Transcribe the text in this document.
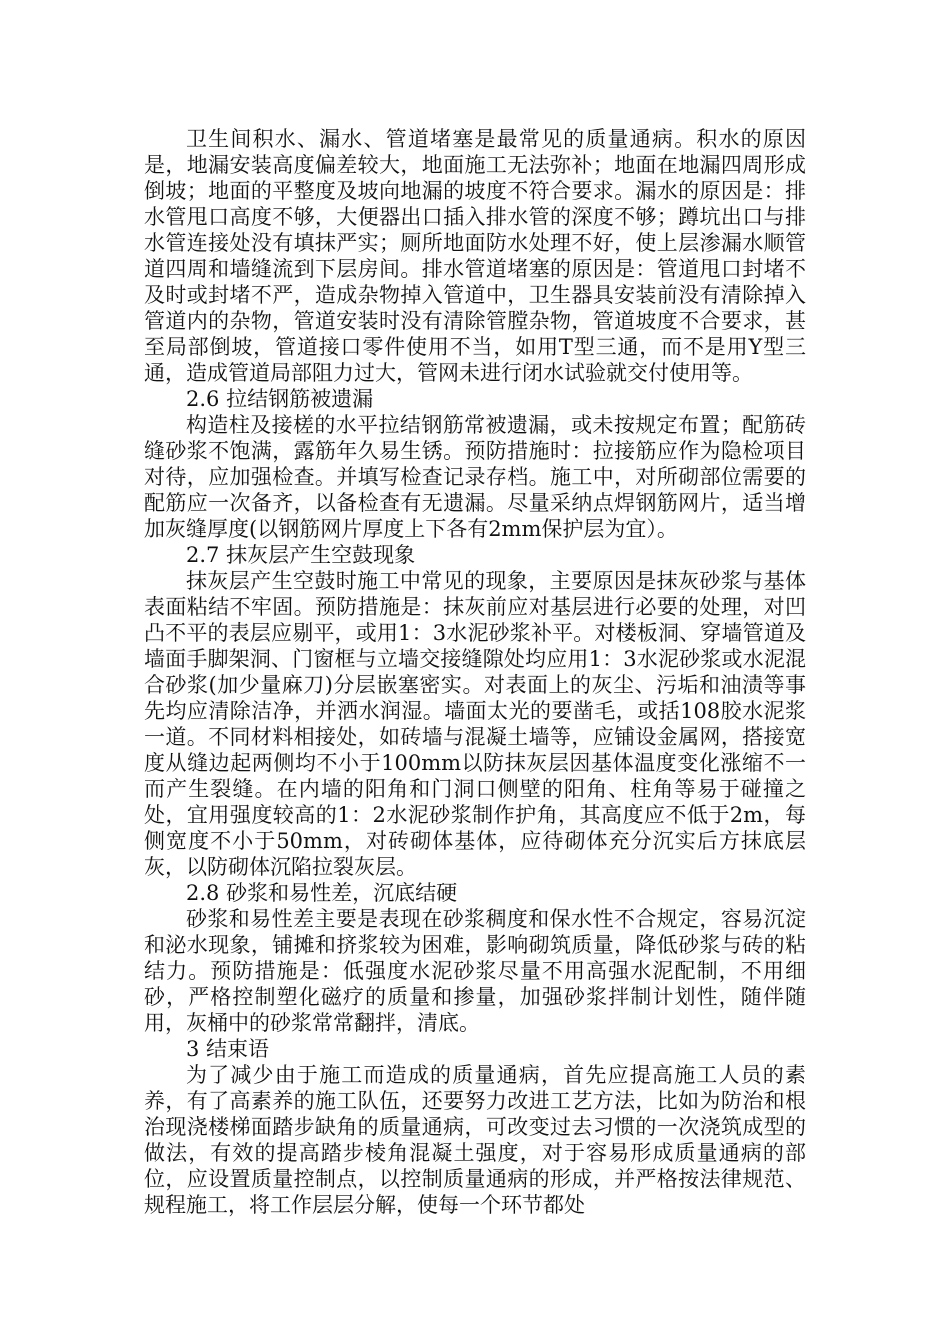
卫生间积水、漏水、管道堵塞是最常见的质量通病。积水的原因是，地漏安装高度偏差较大，地面施工无法弥补；地面在地漏四周形成倒坡；地面的平整度及坡向地漏的坡度不符合要求。漏水的原因是：排水管甩口高度不够，大便器出口插入排水管的深度不够；蹲坑出口与排水管连接处没有填抹严实；厕所地面防水处理不好，使上层渗漏水顺管道四周和墙缝流到下层房间。排水管道堵塞的原因是：管道甩口封堵不及时或封堵不严，造成杂物掉入管道中，卫生器具安装前没有清除掉入管道内的杂物，管道安装时没有清除管膛杂物，管道坡度不合要求，甚至局部倒坡，管道接口零件使用不当，如用T型三通，而不是用Y型三通，造成管道局部阻力过大，管网未进行闭水试验就交付使用等。

2.6 拉结钢筋被遗漏

构造柱及接槎的水平拉结钢筋常被遗漏，或未按规定布置；配筋砖缝砂浆不饱满，露筋年久易生锈。预防措施时：拉接筋应作为隐检项目对待，应加强检查。并填写检查记录存档。施工中，对所砌部位需要的配筋应一次备齐，以备检查有无遗漏。尽量采纳点焊钢筋网片，适当增加灰缝厚度(以钢筋网片厚度上下各有2mm保护层为宜）。

2.7 抹灰层产生空鼓现象

抹灰层产生空鼓时施工中常见的现象，主要原因是抹灰砂浆与基体表面粘结不牢固。预防措施是：抹灰前应对基层进行必要的处理，对凹凸不平的表层应剔平，或用1：3水泥砂浆补平。对楼板洞、穿墙管道及墙面手脚架洞、门窗框与立墙交接缝隙处均应用1：3水泥砂浆或水泥混合砂浆(加少量麻刀)分层嵌塞密实。对表面上的灰尘、污垢和油渍等事先均应清除洁净，并洒水润湿。墙面太光的要凿毛，或括108胶水泥浆一道。不同材料相接处，如砖墙与混凝土墙等，应铺设金属网，搭接宽度从缝边起两侧均不小于100mm以防抹灰层因基体温度变化涨缩不一而产生裂缝。在内墙的阳角和门洞口侧壁的阳角、柱角等易于碰撞之处，宜用强度较高的1：2水泥砂浆制作护角，其高度应不低于2m，每侧宽度不小于50mm，对砖砌体基体，应待砌体充分沉实后方抹底层灰，以防砌体沉陷拉裂灰层。

2.8 砂浆和易性差，沉底结硬

砂浆和易性差主要是表现在砂浆稠度和保水性不合规定，容易沉淀和泌水现象，铺摊和挤浆较为困难，影响砌筑质量，降低砂浆与砖的粘结力。预防措施是：低强度水泥砂浆尽量不用高强水泥配制，不用细砂，严格控制塑化磁疗的质量和掺量，加强砂浆拌制计划性，随伴随用，灰桶中的砂浆常常翻拌，清底。

3 结束语

为了减少由于施工而造成的质量通病，首先应提高施工人员的素养，有了高素养的施工队伍，还要努力改进工艺方法，比如为防治和根治现浇楼梯面踏步缺角的质量通病，可改变过去习惯的一次浇筑成型的做法，有效的提高踏步棱角混凝土强度，对于容易形成质量通病的部位，应设置质量控制点，以控制质量通病的形成，并严格按法律规范、规程施工，将工作层层分解，使每一个环节都处
